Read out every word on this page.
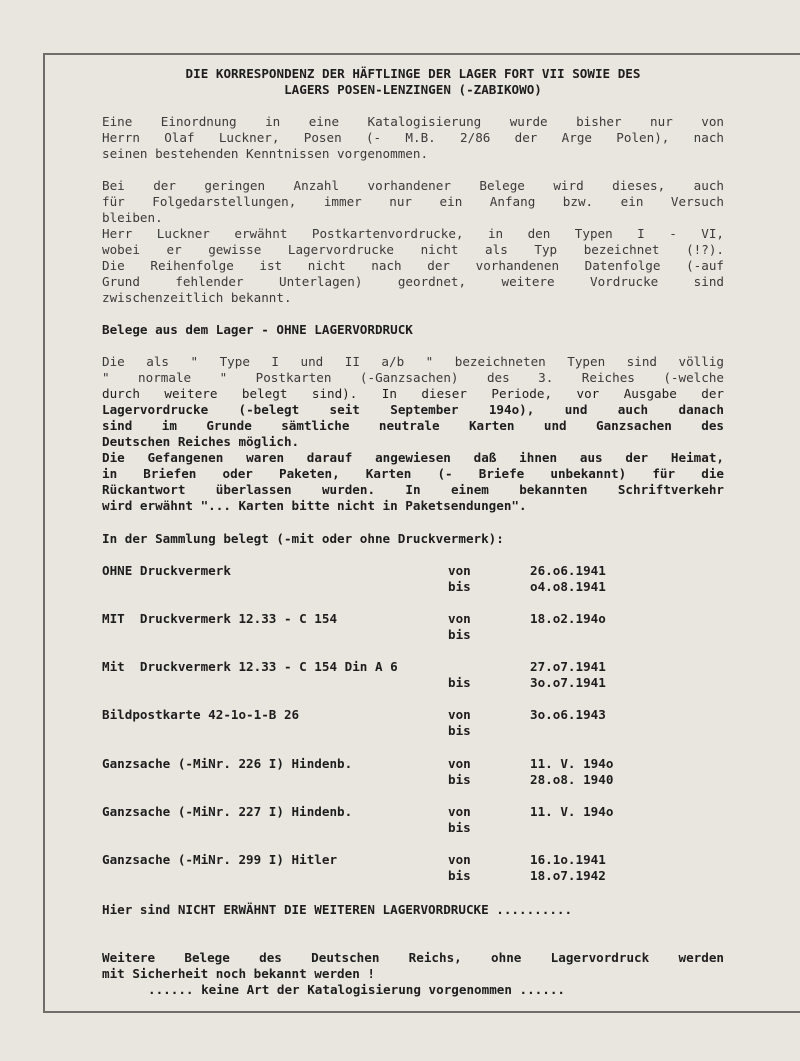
DIE KORRESPONDENZ DER HÄFTLINGE DER LAGER FORT VII SOWIE DES
LAGERS POSEN-LENZINGEN (-ZABIKOWO)
Eine Einordnung in eine Katalogisierung wurde bisher nur von
Herrn Olaf Luckner, Posen (- M.B. 2/86 der Arge Polen), nach
seinen bestehenden Kenntnissen vorgenommen.
Bei der geringen Anzahl vorhandener Belege wird dieses, auch
für Folgedarstellungen, immer nur ein Anfang bzw. ein Versuch
bleiben.
Herr Luckner erwähnt Postkartenvordrucke, in den Typen I - VI,
wobei er gewisse Lagervordrucke nicht als Typ bezeichnet (!?).
Die Reihenfolge ist nicht nach der vorhandenen Datenfolge (-auf
Grund fehlender Unterlagen) geordnet, weitere Vordrucke sind
zwischenzeitlich bekannt.
Belege aus dem Lager - OHNE LAGERVORDRUCK
Die als " Type I und II a/b " bezeichneten Typen sind völlig
" normale " Postkarten (-Ganzsachen) des 3. Reiches (-welche
durch weitere belegt sind). In dieser Periode, vor Ausgabe der
Lagervordrucke (-belegt seit September 194o), und auch danach
sind im Grunde sämtliche neutrale Karten und Ganzsachen des
Deutschen Reiches möglich.
Die Gefangenen waren darauf angewiesen daß ihnen aus der Heimat,
in Briefen oder Paketen, Karten (- Briefe unbekannt) für die
Rückantwort überlassen wurden. In einem bekannten Schriftverkehr
wird erwähnt "... Karten bitte nicht in Paketsendungen".
In der Sammlung belegt (-mit oder ohne Druckvermerk):
OHNE Druckvermerk	von	26.o6.1941
bis	o4.o8.1941
MIT  Druckvermerk 12.33 - C 154	von	18.o2.194o
bis
Mit  Druckvermerk 12.33 - C 154 Din A 6	27.o7.1941
bis	3o.o7.1941
Bildpostkarte 42-1o-1-B 26	von	3o.o6.1943
bis
Ganzsache (-MiNr. 226 I) Hindenb.	von	11. V. 194o
bis	28.o8. 1940
Ganzsache (-MiNr. 227 I) Hindenb.	von	11. V. 194o
bis
Ganzsache (-MiNr. 299 I) Hitler	von	16.1o.1941
bis	18.o7.1942
Hier sind NICHT ERWÄHNT DIE WEITEREN LAGERVORDRUCKE ..........
Weitere Belege des Deutschen Reichs, ohne Lagervordruck werden
mit Sicherheit noch bekannt werden !
...... keine Art der Katalogisierung vorgenommen ......
